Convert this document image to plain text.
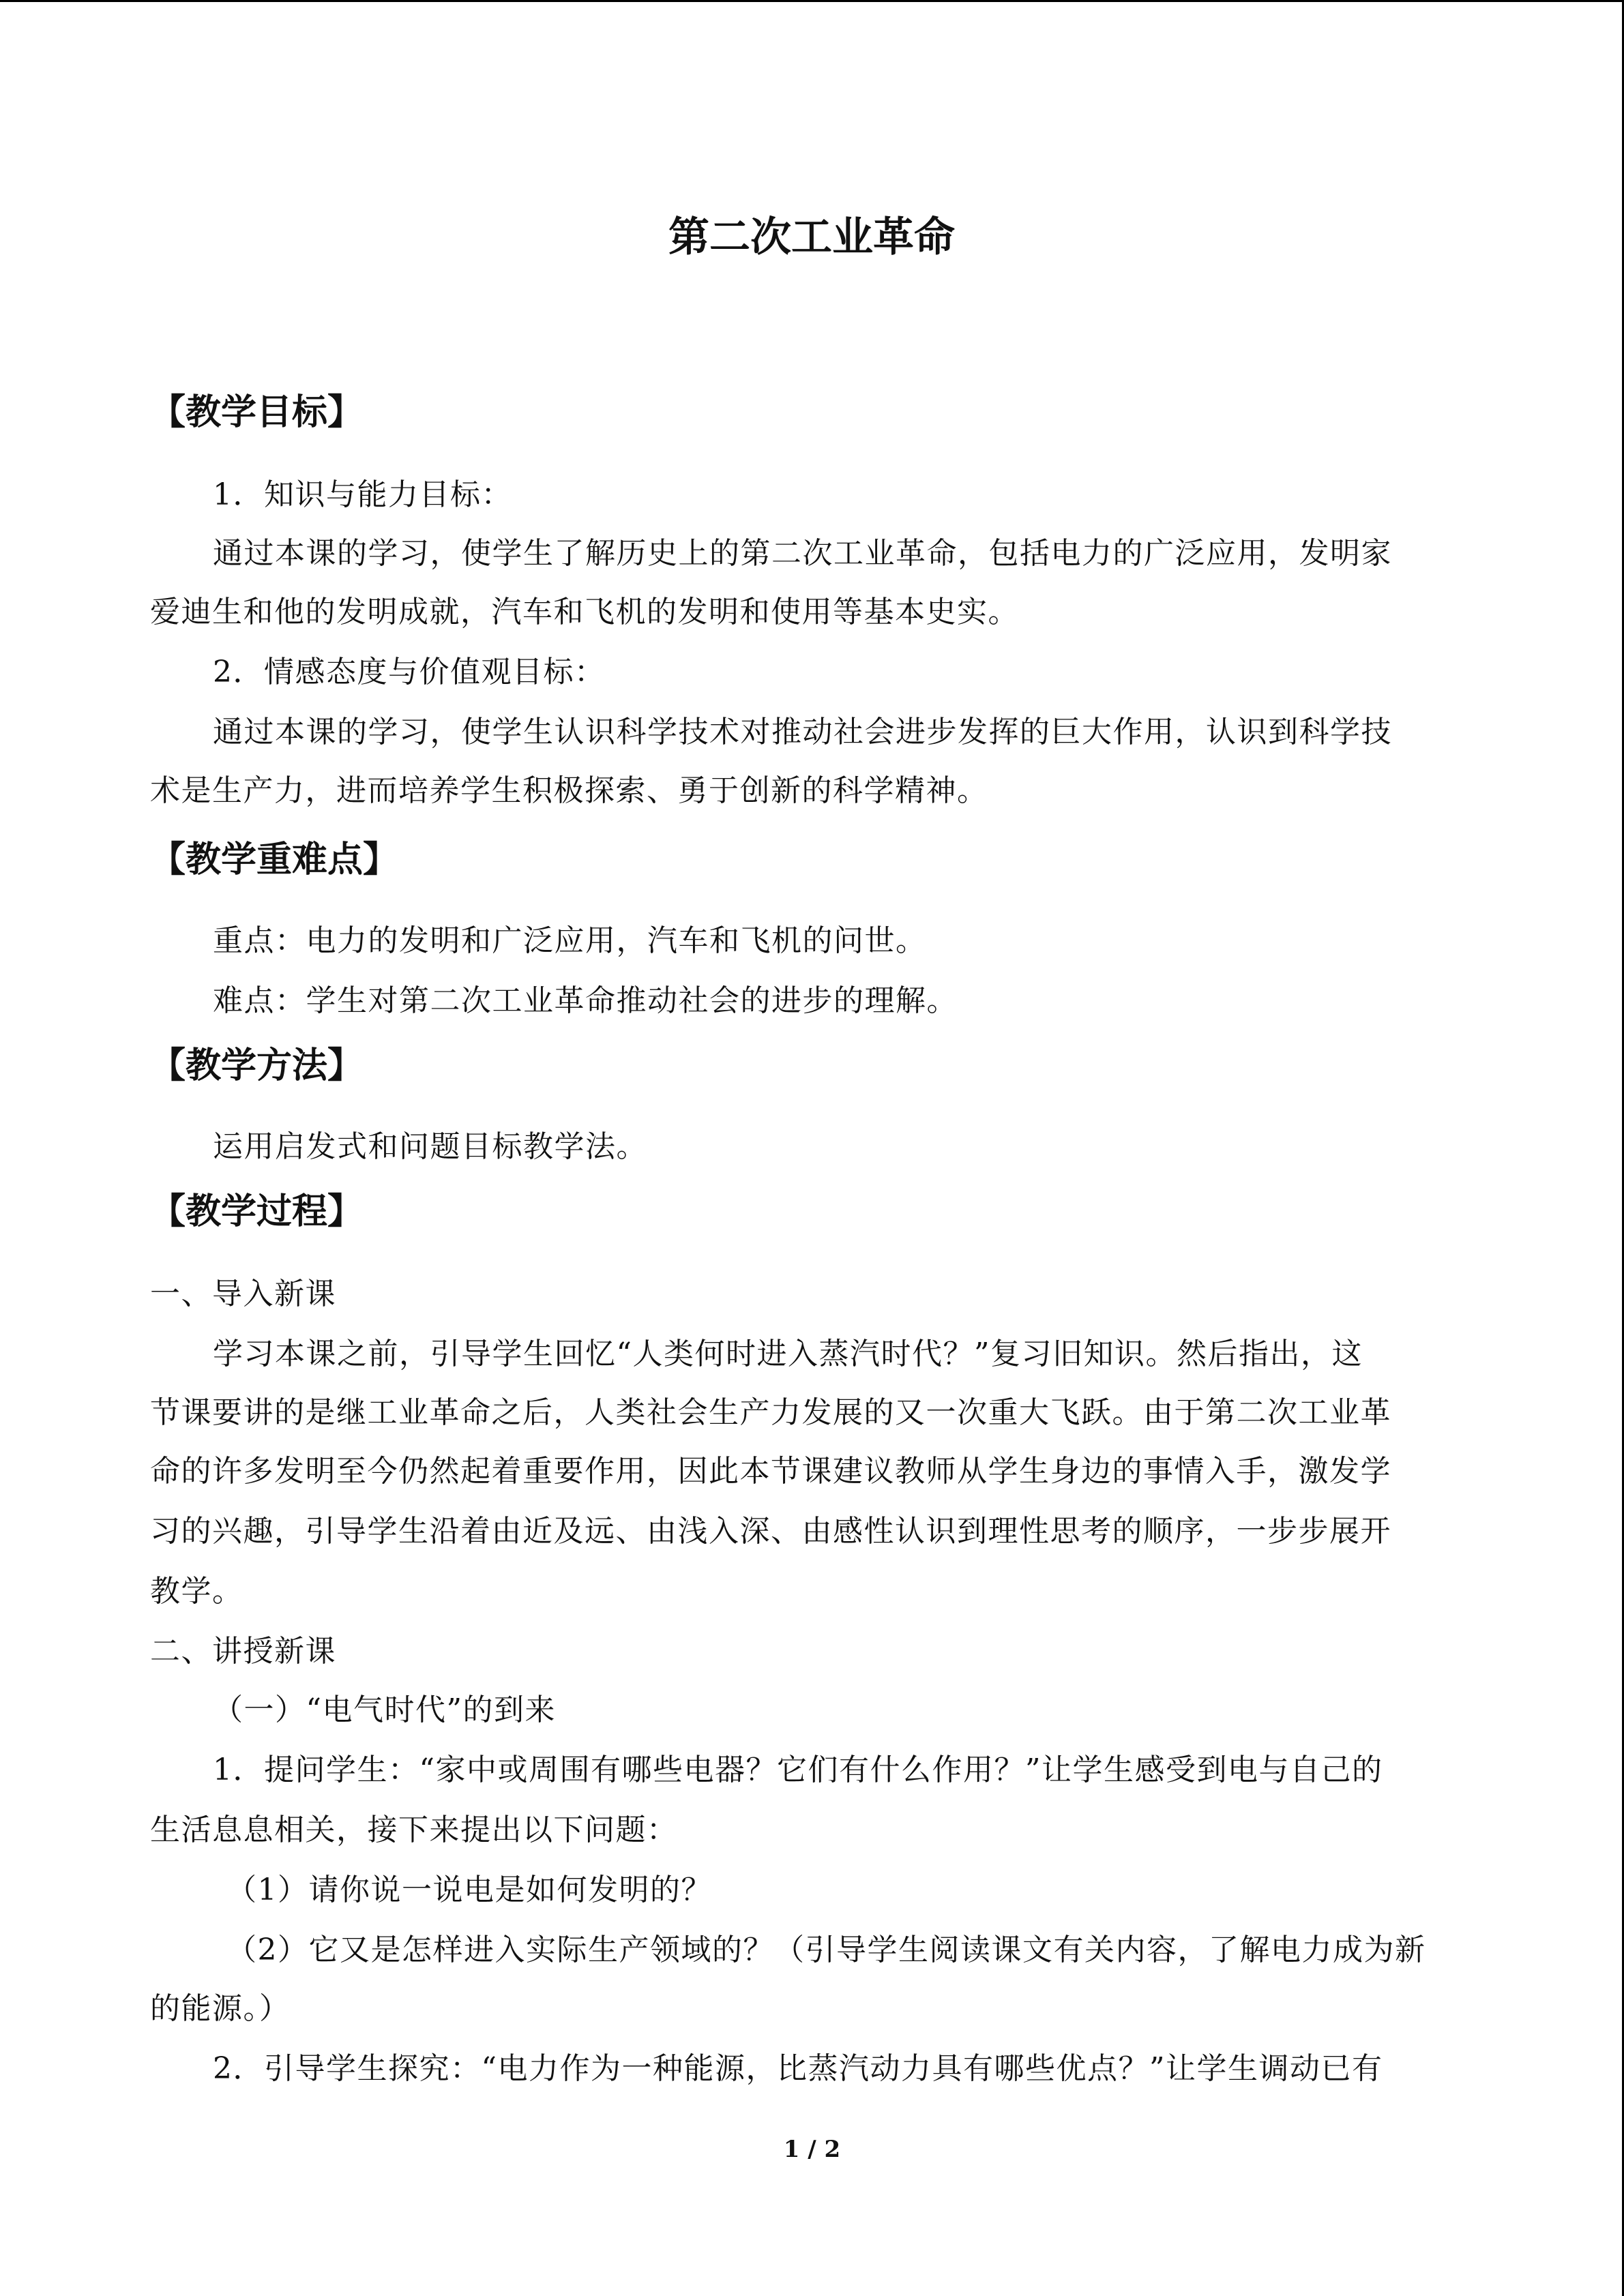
第二次工业革命
【教学目标】
1．知识与能力目标：
通过本课的学习，使学生了解历史上的第二次工业革命，包括电力的广泛应用，发明家
爱迪生和他的发明成就，汽车和飞机的发明和使用等基本史实。
2．情感态度与价值观目标：
通过本课的学习，使学生认识科学技术对推动社会进步发挥的巨大作用，认识到科学技
术是生产力，进而培养学生积极探索、勇于创新的科学精神。
【教学重难点】
重点：电力的发明和广泛应用，汽车和飞机的问世。
难点：学生对第二次工业革命推动社会的进步的理解。
【教学方法】
运用启发式和问题目标教学法。
【教学过程】
一、导入新课
学习本课之前，引导学生回忆“人类何时进入蒸汽时代？”复习旧知识。然后指出，这
节课要讲的是继工业革命之后，人类社会生产力发展的又一次重大飞跃。由于第二次工业革
命的许多发明至今仍然起着重要作用，因此本节课建议教师从学生身边的事情入手，激发学
习的兴趣，引导学生沿着由近及远、由浅入深、由感性认识到理性思考的顺序，一步步展开
教学。
二、讲授新课
（一）“电气时代”的到来
1．提问学生：“家中或周围有哪些电器？它们有什么作用？”让学生感受到电与自己的
生活息息相关，接下来提出以下问题：
（1）请你说一说电是如何发明的？
（2）它又是怎样进入实际生产领域的？（引导学生阅读课文有关内容，了解电力成为新
的能源。）
2．引导学生探究：“电力作为一种能源，比蒸汽动力具有哪些优点？”让学生调动已有
1 / 2
